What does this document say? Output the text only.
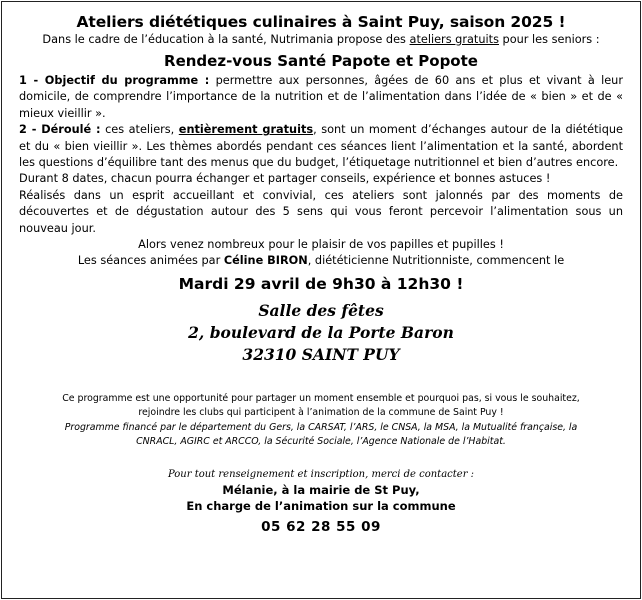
Ateliers diététiques culinaires à Saint Puy, saison 2025 !
Dans le cadre de l’éducation à la santé, Nutrimania propose des ateliers gratuits pour les seniors :
Rendez-vous Santé Papote et Popote

1 - Objectif du programme : permettre aux personnes, âgées de 60 ans et plus et vivant à leur domicile, de comprendre l’importance de la nutrition et de l’alimentation dans l’idée de « bien » et de « mieux vieillir ».

2 - Déroulé : ces ateliers, entièrement gratuits, sont un moment d’échanges autour de la diététique et du « bien vieillir ». Les thèmes abordés pendant ces séances lient l’alimentation et la santé, abordent les questions d’équilibre tant des menus que du budget, l’étiquetage nutritionnel et bien d’autres encore.

Durant 8 dates, chacun pourra échanger et partager conseils, expérience et bonnes astuces !

Réalisés dans un esprit accueillant et convivial, ces ateliers sont jalonnés par des moments de découvertes et de dégustation autour des 5 sens qui vous feront percevoir l’alimentation sous un nouveau jour.

Alors venez nombreux pour le plaisir de vos papilles et pupilles !
Les séances animées par Céline BIRON, diététicienne Nutritionniste, commencent le
Mardi 29 avril de 9h30 à 12h30 !
Salle des fêtes
2, boulevard de la Porte Baron
32310 SAINT PUY
Ce programme est une opportunité pour partager un moment ensemble et pourquoi pas, si vous le souhaitez,
rejoindre les clubs qui participent à l’animation de la commune de Saint Puy !
Programme financé par le département du Gers, la CARSAT, l’ARS, le CNSA, la MSA, la Mutualité française, la
CNRACL, AGIRC et ARCCO, la Sécurité Sociale, l’Agence Nationale de l’Habitat.
Pour tout renseignement et inscription, merci de contacter :
Mélanie, à la mairie de St Puy,
En charge de l’animation sur la commune
05 62 28 55 09
